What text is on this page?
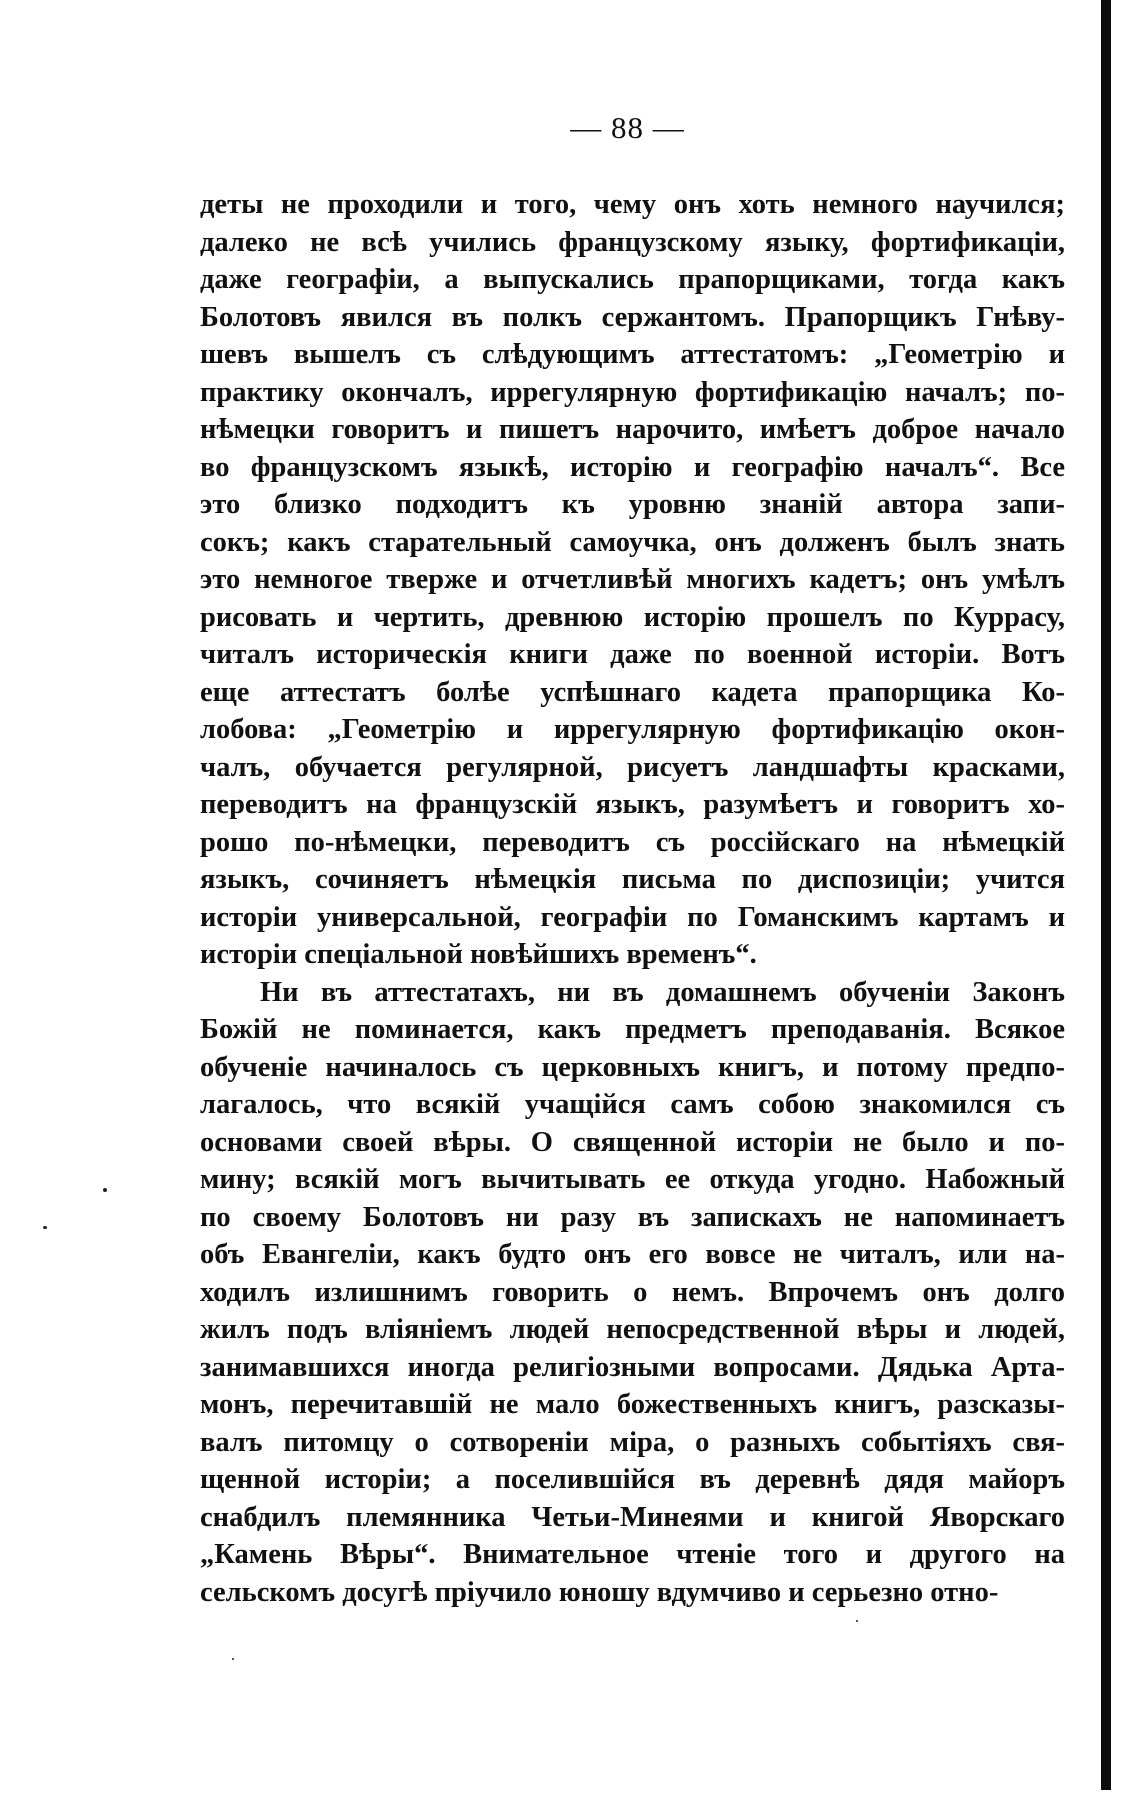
— 88 —
деты не проходили и того, чему онъ хоть немного научился;
далеко не всѣ учились французскому языку, фортификаціи,
даже географіи, а выпускались прапорщиками, тогда какъ
Болотовъ явился въ полкъ сержантомъ. Прапорщикъ Гнѣву-
шевъ вышелъ съ слѣдующимъ аттестатомъ: „Геометрію и
практику окончалъ, иррегулярную фортификацію началъ; по-
нѣмецки говоритъ и пишетъ нарочито, имѣетъ доброе начало
во французскомъ языкѣ, исторію и географію началъ“. Все
это близко подходитъ къ уровню знаній автора запи-
сокъ; какъ старательный самоучка, онъ долженъ былъ знать
это немногое тверже и отчетливѣй многихъ кадетъ; онъ умѣлъ
рисовать и чертить, древнюю исторію прошелъ по Куррасу,
читалъ историческія книги даже по военной исторіи. Вотъ
еще аттестатъ болѣе успѣшнаго кадета прапорщика Ко-
лобова: „Геометрію и иррегулярную фортификацію окон-
чалъ, обучается регулярной, рисуетъ ландшафты красками,
переводитъ на французскій языкъ, разумѣетъ и говоритъ хо-
рошо по-нѣмецки, переводитъ съ россійскаго на нѣмецкій
языкъ, сочиняетъ нѣмецкія письма по диспозиціи; учится
исторіи универсальной, географіи по Гоманскимъ картамъ и
исторіи спеціальной новѣйшихъ временъ“.
Ни въ аттестатахъ, ни въ домашнемъ обученіи Законъ
Божій не поминается, какъ предметъ преподаванія. Всякое
обученіе начиналось съ церковныхъ книгъ, и потому предпо-
лагалось, что всякій учащійся самъ собою знакомился съ
основами своей вѣры. О священной исторіи не было и по-
мину; всякій могъ вычитывать ее откуда угодно. Набожный
по своему Болотовъ ни разу въ запискахъ не напоминаетъ
объ Евангеліи, какъ будто онъ его вовсе не читалъ, или на-
ходилъ излишнимъ говорить о немъ. Впрочемъ онъ долго
жилъ подъ вліяніемъ людей непосредственной вѣры и людей,
занимавшихся иногда религіозными вопросами. Дядька Арта-
монъ, перечитавшій не мало божественныхъ книгъ, разсказы-
валъ питомцу о сотвореніи міра, о разныхъ событіяхъ свя-
щенной исторіи; а поселившійся въ деревнѣ дядя майоръ
снабдилъ племянника Четьи-Минеями и книгой Яворскаго
„Камень Вѣры“. Внимательное чтеніе того и другого на
сельскомъ досугѣ пріучило юношу вдумчиво и серьезно отно-
